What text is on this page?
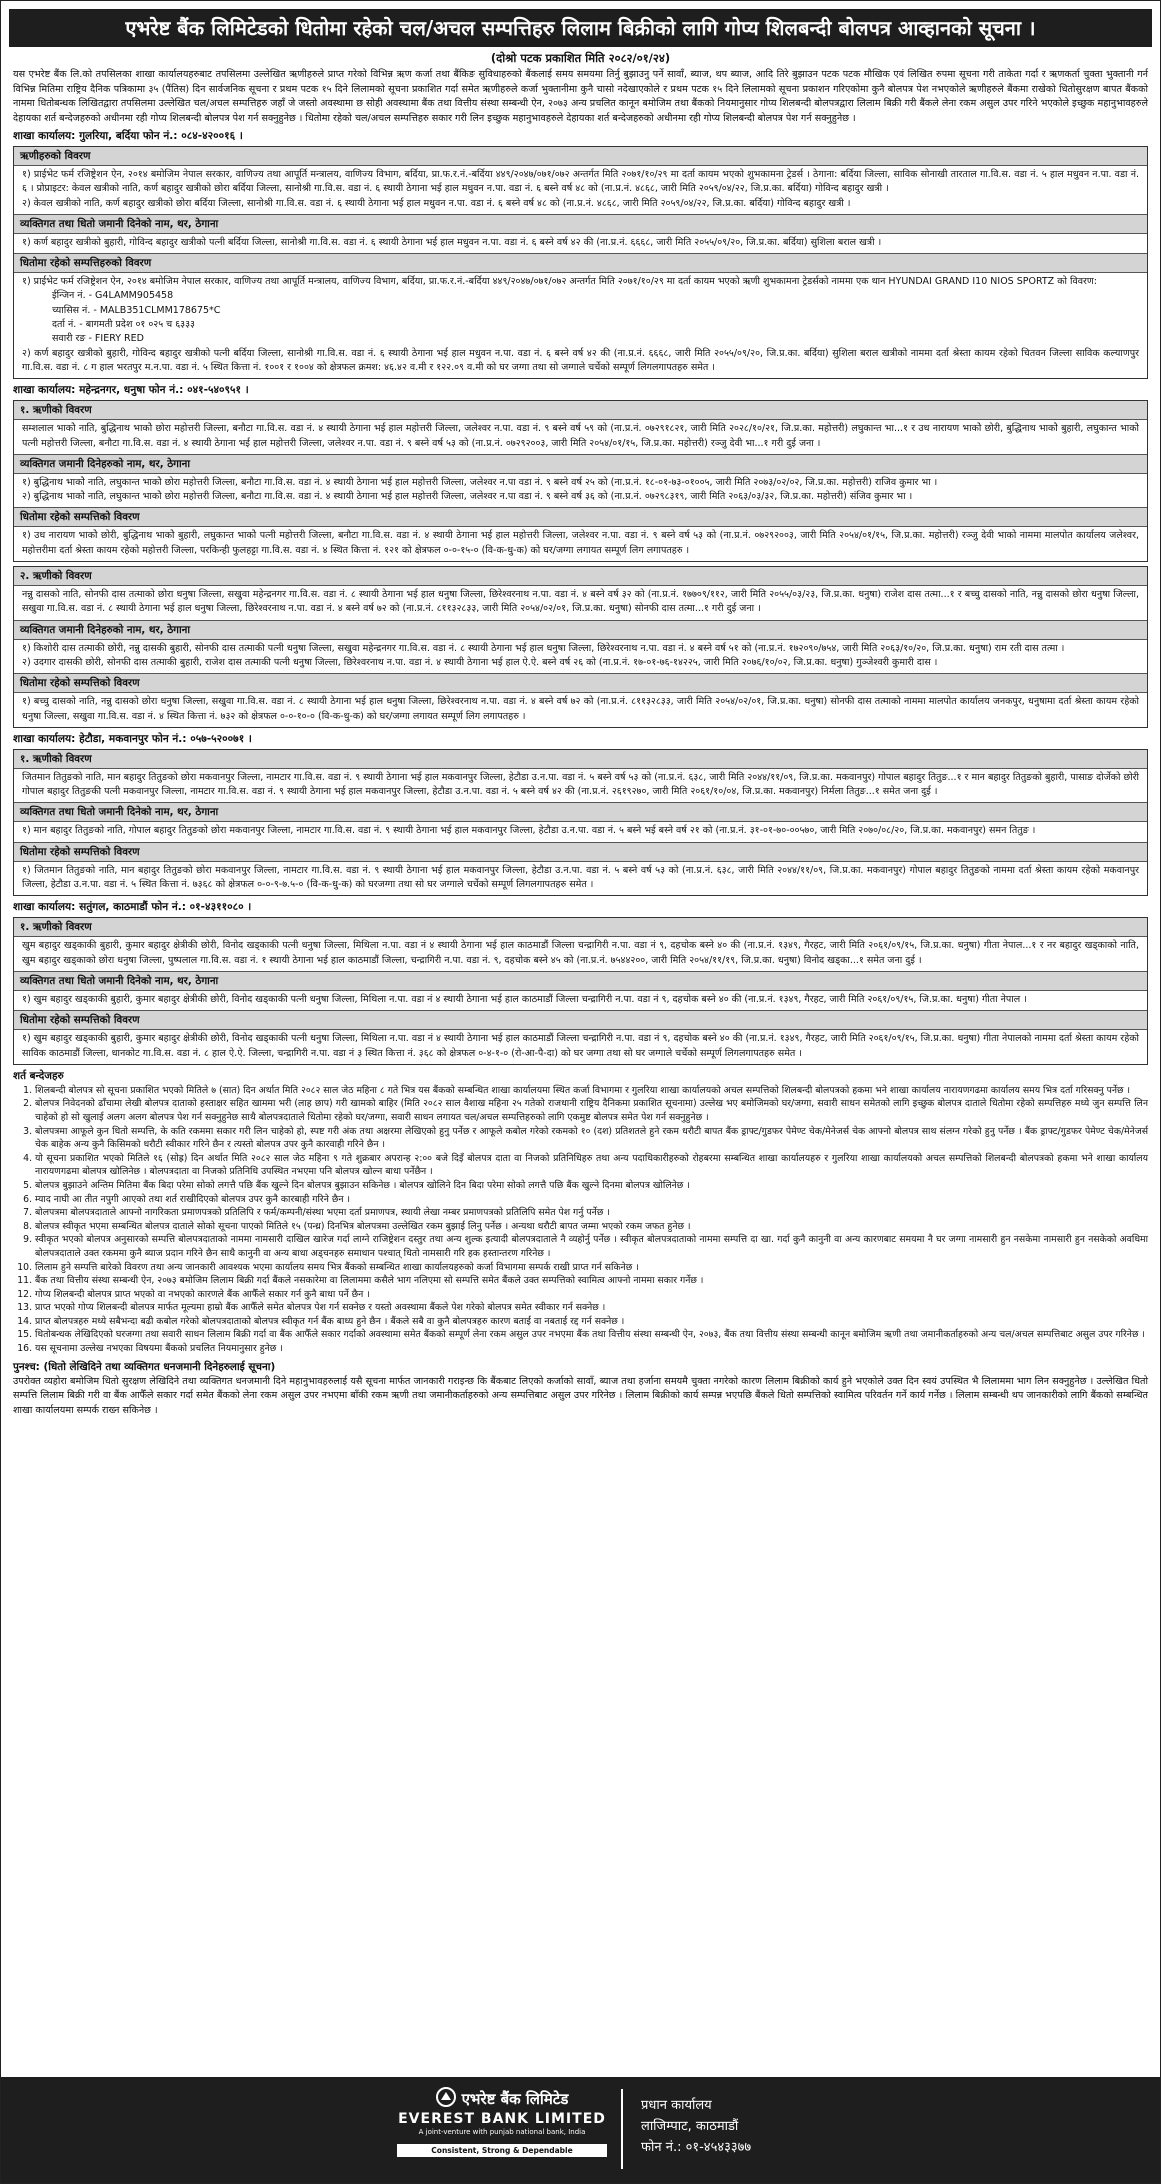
एभरेष्ट बैंक लिमिटेडको धितोमा रहेको चल/अचल सम्पत्तिहरु लिलाम बिक्रीको लागि गोप्य शिलबन्दी बोलपत्र आव्हानको सूचना ।
(दोश्रो पटक प्रकाशित मिति २०८२/०१/२४)
यस एभरेष्ट बैंक लि.को तपसिलका शाखा कार्यालयहरुबाट तपसिलमा उल्लेखित ऋणीहरुले प्राप्त गरेको विभिन्न ऋण कर्जा तथा बैंकिङ सुविधाहरुको बैंकलाई समय समयमा तिर्नु बुझाउनु पर्ने सावाँ, ब्याज, थप ब्याज, आदि तिरे बुझाउन पटक पटक मौखिक एवं लिखित रुपमा सूचना गरी ताकेता गर्दा र ऋणकर्ता चुक्ता भुक्तानी गर्न विभिन्न मितिमा राष्ट्रिय दैनिक पत्रिकामा ३५ (पैंतिस) दिन सार्वजनिक सूचना र प्रथम पटक १५ दिने लिलामको सूचना प्रकाशित गर्दा समेत ऋणीहरुले कर्जा भुक्तानीमा कुनै चासो नदेखाएकोले र प्रथम पटक १५ दिने लिलामको सूचना प्रकाशन गरिएकोमा कुनै बोलपत्र पेश नभएकोले ऋणीहरुले बैंकमा राखेको धितोसुरक्षण बापत बैंकको नाममा धितोबन्धक लिखितद्वारा तपसिलमा उल्लेखित चल/अचल सम्पत्तिहरु जहाँ जे जस्तो अवस्थामा छ सोही अवस्थामा बैंक तथा वित्तीय संस्था सम्बन्धी ऐन, २०७३ अन्य प्रचलित कानून बमोजिम तथा बैंकको नियमानुसार गोप्य शिलबन्दी बोलपत्रद्वारा लिलाम बिक्री गरी बैंकले लेना रकम असुल उपर गरिने भएकोले इच्छुक महानुभावहरुले देहायका शर्त बन्देजहरुको अधीनमा रही गोप्य शिलबन्दी बोलपत्र पेश गर्न सक्नुहुनेछ । धितोमा रहेको चल/अचल सम्पत्तिहरु सकार गरी लिन इच्छुक महानुभावहरुले देहायका शर्त बन्देजहरुको अधीनमा रही गोप्य शिलबन्दी बोलपत्र पेश गर्न सक्नुहुनेछ ।
शाखा कार्यालय: गुलरिया, बर्दिया फोन नं.: ०८४-४२००१६ ।
ऋणीहरुको विवरण
१) प्राईभेट फर्म रजिष्ट्रेशन ऐन, २०१४ बमोजिम नेपाल सरकार, वाणिज्य तथा आपूर्ति मन्त्रालय, वाणिज्य विभाग, बर्दिया, प्रा.फ.र.नं.-बर्दिया ४४९/२०४७/०७१/०७२ अन्तर्गत मिति २०७१/१०/२९ मा दर्ता कायम भएको शुभकामना ट्रेडर्स । ठेगाना: बर्दिया जिल्ला, साविक सोनाखी तारताल गा.वि.स. वडा नं. ५ हाल मधुवन न.पा. वडा नं. ६ । प्रोप्राइटर: केवल खत्रीको नाति, कर्ण बहादुर खत्रीको छोरा बर्दिया जिल्ला, सानोश्री गा.वि.स. वडा नं. ६ स्थायी ठेगाना भई हाल मधुवन न.पा. वडा नं. ६ बस्ने वर्ष ४८ को (ना.प्र.नं. ४८६८, जारी मिति २०५९/०४/२२, जि.प्र.का. बर्दिया) गोविन्द बहादुर खत्री ।
२) केवल खत्रीको नाति, कर्ण बहादुर खत्रीको छोरा बर्दिया जिल्ला, सानोश्री गा.वि.स. वडा नं. ६ स्थायी ठेगाना भई हाल मधुवन न.पा. वडा नं. ६ बस्ने वर्ष ४८ को (ना.प्र.नं. ४८६८, जारी मिति २०५९/०४/२२, जि.प्र.का. बर्दिया) गोविन्द बहादुर खत्री ।
व्यक्तिगत तथा धितो जमानी दिनेको नाम, थर, ठेगाना
१) कर्ण बहादुर खत्रीको बुहारी, गोविन्द बहादुर खत्रीको पत्नी बर्दिया जिल्ला, सानोश्री गा.वि.स. वडा नं. ६ स्थायी ठेगाना भई हाल मधुवन न.पा. वडा नं. ६ बस्ने वर्ष ४२ की (ना.प्र.नं. ६६६८, जारी मिति २०५५/०९/२०, जि.प्र.का. बर्दिया) सुशिला बराल खत्री ।
धितोमा रहेको सम्पत्तिहरुको विवरण
१) प्राईभेट फर्म रजिष्ट्रेशन ऐन, २०१४ बमोजिम नेपाल सरकार, वाणिज्य तथा आपूर्ति मन्त्रालय, वाणिज्य विभाग, बर्दिया, प्रा.फ.र.नं.-बर्दिया ४४९/२०४७/०७१/०७२ अन्तर्गत मिति २०७१/१०/२९ मा दर्ता कायम भएको ऋणी शुभकामना ट्रेडर्सको नाममा एक थान HYUNDAI GRAND I10 NIOS SPORTZ को विवरण:
ईन्जिन नं. - G4LAMM905458
च्यासिस नं. - MALB351CLMM178675*C
दर्ता नं. - बागमती प्रदेश ०१ ०२५ च ६३३३
सवारी रङ - FIERY RED
२) कर्ण बहादुर खत्रीको बुहारी, गोविन्द बहादुर खत्रीको पत्नी बर्दिया जिल्ला, सानोश्री गा.वि.स. वडा नं. ६ स्थायी ठेगाना भई हाल मधुवन न.पा. वडा नं. ६ बस्ने वर्ष ४२ की (ना.प्र.नं. ६६६८, जारी मिति २०५५/०९/२०, जि.प्र.का. बर्दिया) सुशिला बराल खत्रीको नाममा दर्ता श्रेस्ता कायम रहेको चितवन जिल्ला साविक कल्याणपुर गा.वि.स. वडा नं. ८ ग हाल भरतपुर म.न.पा. वडा नं. ५ स्थित कित्ता नं. १००१ र १००४ को क्षेत्रफल क्रमश: ४६.४२ व.मी र १२२.०९ व.मी को घर जग्गा तथा सो जग्गाले चर्चेको सम्पूर्ण लिगलगापतहरु समेत ।
शाखा कार्यालय: महेन्द्रनगर, धनुषा फोन नं.: ०४१-५४०९५१ ।
१. ऋणीको विवरण
सम्शलाल भाकोे नाति, बुद्धिनाथ भाकोे छोरा महोत्तरी जिल्ला, बनौटा गा.वि.स. वडा नं. ४ स्थायी ठेगाना भई हाल महोत्तरी जिल्ला, जलेश्वर न.पा. वडा नं. ९ बस्ने वर्ष ५९ को (ना.प्र.नं. ०७२९१८२१, जारी मिति २०२८/१०/२१, जि.प्र.का. महोत्तरी) लघुकान्त भा...१ र उध नारायण भाकोे छोरी, बुद्धिनाथ भाकोे बुहारी, लघुकान्त भाकोे पत्नी महोत्तरी जिल्ला, बनौटा गा.वि.स. वडा नं. ४ स्थायी ठेगाना भई हाल महोत्तरी जिल्ला, जलेश्वर न.पा. वडा नं. ९ बस्ने वर्ष ५३ को (ना.प्र.नं. ०७२९२००३, जारी मिति २०५४/०१/१५, जि.प्र.का. महोत्तरी) रञ्जु देवी भा...१ गरी दुई जना ।
व्यक्तिगत जमानी दिनेहरुको नाम, थर, ठेगाना
१) बुद्धिनाथ भाकोे नाति, लघुकान्त भाकोे छोरा महोत्तरी जिल्ला, बनौटा गा.वि.स. वडा नं. ४ स्थायी ठेगाना भई हाल महोत्तरी जिल्ला, जलेश्वर न.पा वडा नं. ९ बस्ने वर्ष २५ को (ना.प्र.नं. १८-०१-७३-०१००५, जारी मिति २०७३/०२/०२, जि.प्र.का. महोत्तरी) राजिव कुमार भा ।
२) बुद्धिनाथ भाकोे नाति, लघुकान्त भाकोे छोरा महोत्तरी जिल्ला, बनौटा गा.वि.स. वडा नं. ४ स्थायी ठेगाना भई हाल महोत्तरी जिल्ला, जलेश्वर न.पा वडा नं. ९ बस्ने वर्ष ३६ को (ना.प्र.नं. ०७२९८३१९, जारी मिति २०६३/०३/३२, जि.प्र.का. महोत्तरी) संजिव कुमार भा ।
धितोमा रहेको सम्पत्तिको विवरण
१) उध नारायण भाकोे छोरी, बुद्धिनाथ भाकोे बुहारी, लघुकान्त भाकोे पत्नी महोत्तरी जिल्ला, बनौटा गा.वि.स. वडा नं. ४ स्थायी ठेगाना भई हाल महोत्तरी जिल्ला, जलेश्वर न.पा. वडा नं. ९ बस्ने वर्ष ५३ को (ना.प्र.नं. ०७२९२००३, जारी मिति २०५४/०१/१५, जि.प्र.का. महोत्तरी) रञ्जु देवी भाको नाममा मालपोत कार्यालय जलेश्वर, महोत्तरीमा दर्ता श्रेस्ता कायम रहेको महोत्तरी जिल्ला, परकिन्ही फुलहट्टा गा.वि.स. वडा नं. ४ स्थित कित्ता नं. १२१ को क्षेत्रफल ०-०-१५-० (वि-क-धु-क) को घर/जग्गा लगायत सम्पूर्ण लिग लगापतहरु ।
२. ऋणीको विवरण
नन्नु दासको नाति, सोनफी दास तत्माको छोरा धनुषा जिल्ला, सखुवा महेन्द्रनगर गा.वि.स. वडा नं. ८ स्थायी ठेगाना भई हाल धनुषा जिल्ला, छिरेश्वरनाथ न.पा. वडा नं. ४ बस्ने वर्ष ३२ को (ना.प्र.नं. १७७०९/११२, जारी मिति २०५५/०३/२३, जि.प्र.का. धनुषा) राजेश दास तत्मा...१ र बच्चु दासको नाति, नन्नु दासको छोरा धनुषा जिल्ला, सखुवा गा.वि.स. वडा नं. ८ स्थायी ठेगाना भई हाल धनुषा जिल्ला, छिरेश्वरनाथ न.पा. वडा नं. ४ बस्ने वर्ष ७२ को (ना.प्र.नं. ८११३२८३३, जारी मिति २०५४/०२/०१, जि.प्र.का. धनुषा) सोनफी दास तत्मा...१ गरी दुई जना ।
व्यक्तिगत जमानी दिनेहरुको नाम, थर, ठेगाना
१) किशोरी दास तत्माकी छोरी, नन्नु दासकी बुहारी, सोनफी दास तत्माकी पत्नी धनुषा जिल्ला, सखुवा महेन्द्रनगर गा.वि.स. वडा नं. ८ स्थायी ठेगाना भई हाल धनुषा जिल्ला, छिरेश्वरनाथ न.पा. वडा नं. ४ बस्ने वर्ष ५१ को (ना.प्र.नं. १७२०९०/७५४, जारी मिति २०६३/१०/२०, जि.प्र.का. धनुषा) राम रती दास तत्मा ।
२) उदगार दासकी छोरी, सोनफी दास तत्माकी बुहारी, राजेश दास तत्माकी पत्नी धनुषा जिल्ला, छिरेश्वरनाथ न.पा. वडा नं. ४ स्थायी ठेगाना भई हाल ऐ.ऐ. बस्ने वर्ष २६ को (ना.प्र.नं. १७-०१-७६-१४२२५, जारी मिति २०७६/१०/०२, जि.प्र.का. धनुषा) गुञ्जेश्वरी कुमारी दास ।
धितोमा रहेको सम्पत्तिको विवरण
१) बच्चु दासको नाति, नन्नु दासको छोरा धनुषा जिल्ला, सखुवा गा.वि.स. वडा नं. ८ स्थायी ठेगाना भई हाल धनुषा जिल्ला, छिरेश्वरनाथ न.पा. वडा नं. ४ बस्ने वर्ष ७२ को (ना.प्र.नं. ८११३२८३३, जारी मिति २०५४/०२/०१, जि.प्र.का. धनुषा) सोनफी दास तत्माको नाममा मालपोत कार्यालय जनकपुर, धनुषामा दर्ता श्रेस्ता कायम रहेको धनुषा जिल्ला, सखुवा गा.वि.स. वडा नं. ४ स्थित कित्ता नं. ७३२ को क्षेत्रफल ०-०-१०-० (वि-क-धु-क) को घर/जग्गा लगायत सम्पूर्ण लिग लगापतहरु ।
शाखा कार्यालय: हेटौडा, मकवानपुर फोन नं.: ०५७-५२००७१ ।
१. ऋणीको विवरण
जितमान तितुङको नाति, मान बहादुर तितुङको छोरा मकवानपुर जिल्ला, नामटार गा.वि.स. वडा नं. ९ स्थायी ठेगाना भई हाल मकवानपुर जिल्ला, हेटौडा उ.न.पा. वडा नं. ५ बस्ने वर्ष ५३ को (ना.प्र.नं. ६३८, जारी मिति २०४४/११/०९, जि.प्र.का. मकवानपुर) गोपाल बहादुर तितुङ...१ र मान बहादुर तितुङको बुहारी, पासाङ दोर्जेको छोरी गोपाल बहादुर तितुङकी पत्नी मकवानपुर जिल्ला, नामटार गा.वि.स. वडा नं. ९ स्थायी ठेगाना भई हाल मकवानपुर जिल्ला, हेटौडा उ.न.पा. वडा नं. ५ बस्ने वर्ष ४२ की (ना.प्र.नं. २६१९२७०, जारी मिति २०६१/१०/०४, जि.प्र.का. मकवानपुर) निर्मला तितुङ...१ समेत जना दुई ।
व्यक्तिगत तथा धितो जमानी दिनेको नाम, थर, ठेगाना
१) मान बहादुर तितुङको नाति, गोपाल बहादुर तितुङको छोरा मकवानपुर जिल्ला, नामटार गा.वि.स. वडा नं. ९ स्थायी ठेगाना भई हाल मकवानपुर जिल्ला, हेटौडा उ.न.पा. वडा नं. ५ बस्ने भई बस्ने वर्ष २१ को (ना.प्र.नं. ३१-०१-७०-००५७०, जारी मिति २०७०/०८/२०, जि.प्र.का. मकवानपुर) समन तितुङ ।
धितोमा रहेको सम्पत्तिको विवरण
१) जितमान तितुङको नाति, मान बहादुर तितुङको छोरा मकवानपुर जिल्ला, नामटार गा.वि.स. वडा नं. ९ स्थायी ठेगाना भई हाल मकवानपुर जिल्ला, हेटौडा उ.न.पा. वडा नं. ५ बस्ने वर्ष ५३ को (ना.प्र.नं. ६३८, जारी मिति २०४४/११/०९, जि.प्र.का. मकवानपुर) गोपाल बहादुर तितुङको नाममा दर्ता श्रेस्ता कायम रहेको मकवानपुर जिल्ला, हेटौडा उ.न.पा. वडा नं. ५ स्थित कित्ता नं. ७३६८ को क्षेत्रफल ०-०-९-७.५-० (वि-क-धु-क) को घरजग्गा तथा सो घर जग्गाले चर्चेको सम्पूर्ण लिगलगापतहरु समेत ।
शाखा कार्यालय: सतुंगल, काठमाडौं फोन नं.: ०१-४३११०८० ।
१. ऋणीको विवरण
खुम बहादुर खड्काकी बुहारी, कुमार बहादुर क्षेत्रीकी छोरी, विनोद खड्काकी पत्नी धनुषा जिल्ला, मिथिला न.पा. वडा नं ४ स्थायी ठेगाना भई हाल काठमाडौं जिल्ला चन्द्रागिरी न.पा. वडा नं ९, दहचोक बस्ने ४० की (ना.प्र.नं. १३४९, गैरहट, जारी मिति २०६१/०९/१५, जि.प्र.का. धनुषा) गीता नेपाल...१ र नर बहादुर खड्काको नाति, खुम बहादुर खड्काको छोरा धनुषा जिल्ला, पुष्पलाल गा.वि.स. वडा नं. १ स्थायी ठेगाना भई हाल काठमाडौं जिल्ला, चन्द्रागिरी न.पा. वडा नं. ९, दहचोक बस्ने ४५ को (ना.प्र.नं. ७५४४२००, जारी मिति २०५४/११/१९, जि.प्र.का. धनुषा) विनोद खड्का...१ समेत जना दुई ।
व्यक्तिगत तथा धितो जमानी दिनेको नाम, थर, ठेगाना
१) खुम बहादुर खड्काकी बुहारी, कुमार बहादुर क्षेत्रीकी छोरी, विनोद खड्काकी पत्नी धनुषा जिल्ला, मिथिला न.पा. वडा नं ४ स्थायी ठेगाना भई हाल काठमाडौं जिल्ला चन्द्रागिरी न.पा. वडा नं ९, दहचोक बस्ने ४० की (ना.प्र.नं. १३४९, गैरहट, जारी मिति २०६१/०९/१५, जि.प्र.का. धनुषा) गीता नेपाल ।
धितोमा रहेको सम्पत्तिको विवरण
१) खुम बहादुर खड्काकी बुहारी, कुमार बहादुर क्षेत्रीकी छोरी, विनोद खड्काकी पत्नी धनुषा जिल्ला, मिथिला न.पा. वडा नं ४ स्थायी ठेगाना भई हाल काठमाडौं जिल्ला चन्द्रागिरी न.पा. वडा नं ९, दहचोक बस्ने ४० की (ना.प्र.नं. १३४९, गैरहट, जारी मिति २०६१/०९/१५, जि.प्र.का. धनुषा) गीता नेपालको नाममा दर्ता श्रेस्ता कायम रहेको साविक काठमाडौं जिल्ला, धानकोट गा.वि.स. वडा नं. ८ हाल ऐ.ऐ. जिल्ला, चन्द्रागिरी न.पा. वडा नं ३ स्थित कित्ता नं. ३६८ को क्षेत्रफल ०-४-१-० (रो-आ-पै-दा) को घर जग्गा तथा सो घर जग्गाले चर्चेको सम्पूर्ण लिगलगापतहरु समेत ।
शर्त बन्देजहरु
1. शिलबन्दी बोलपत्र सो सूचना प्रकाशित भएको मितिले ७ (सात) दिन अर्थात मिति २०८२ साल जेठ महिना ८ गते भित्र यस बैंकको सम्बन्धित शाखा कार्यालयमा स्थित कर्जा विभागमा र गुलरिया शाखा कार्यालयको अचल सम्पत्तिको शिलबन्दी बोलपत्रको हकमा भने शाखा कार्यालय नारायणगढमा कार्यालय समय भित्र दर्ता गरिसक्नु पर्नेछ ।
2. बोलपत्र निवेदनको ढाँचामा लेखी बोलपत्र दाताको हस्ताक्षर सहित खाममा भरी (लाह छाप) गरी खामको बाहिर (मिति २०८२ साल वैशाख महिना २५ गतेको राजधानी राष्ट्रिय दैनिकमा प्रकाशित सूचनामा) उल्लेख भए बमोजिमको घर/जग्गा, सवारी साधन समेतको लागि इच्छुक बोलपत्र दाताले धितोमा रहेको सम्पत्तिहरु मध्ये जुन सम्पत्ति लिन चाहेको हो सो खुलाई अलग अलग बोलपत्र पेश गर्न सक्नुहुनेछ साथै बोलपत्रदाताले धितोमा रहेको घर/जग्गा, सवारी साधन लगायत चल/अचल सम्पत्तिहरुको लागि एकमुष्ट बोलपत्र समेत पेश गर्न सक्नुहुनेछ ।
3. बोलपत्रमा आफूले कुन धितो सम्पत्ति, के कति रकममा सकार गरी लिन चाहेको हो, स्पष्ट गरी अंक तथा अक्षरमा लेखिएको हुनु पर्नेछ र आफूले कबोल गरेको रकमको १० (दश) प्रतिशतले हुने रकम धरौटी बापत बैंक ड्राफ्ट/गुडफर पेमेण्ट चेक/मेनेजर्स चेक आफ्नो बोलपत्र साथ संलग्न गरेको हुनु पर्नेछ । बैंक ड्राफ्ट/गुडफर पेमेण्ट चेक/मेनेजर्स चेक बाहेक अन्य कुनै किसिमको धरौटी स्वीकार गरिने छैन र त्यस्तो बोलपत्र उपर कुनै कारवाही गरिने छैन ।
4. यो सूचना प्रकाशित भएको मितिले १६ (सोह्र) दिन अर्थात मिति २०८२ साल जेठ महिना ९ गते शुक्रबार अपरान्ह २:०० बजे दिइँ बोलपत्र दाता वा निजको प्रतिनिधिहरु तथा अन्य पदाधिकारीहरुको रोहबरमा सम्बन्धित शाखा कार्यालयहरु र गुलरिया शाखा कार्यालयको अचल सम्पत्तिको शिलबन्दी बोलपत्रको हकमा भने शाखा कार्यालय नारायणगढमा बोलपत्र खोलिनेछ । बोलपत्रदाता वा निजको प्रतिनिधि उपस्थित नभएमा पनि बोलपत्र खोल्न बाधा पर्नेछैन ।
5. बोलपत्र बुझाउने अन्तिम मितिमा बैंक बिदा परेमा सोको लगत्तै पछि बैंक खुल्ने दिन बोलपत्र बुझाउन सकिनेछ । बोलपत्र खोलिने दिन बिदा परेमा सोको लगत्तै पछि बैंक खुल्ने दिनमा बोलपत्र खोलिनेछ ।
6. म्याद नाघी आ तीत नपुगी आएको तथा शर्त राखीदिएको बोलपत्र उपर कुनै कारबाही गरिने छैन ।
7. बोलपत्रमा बोलपत्रदाताले आफ्नो नागरिकता प्रमाणपत्रको प्रतिलिपि र फर्म/कम्पनी/संस्था भएमा दर्ता प्रमाणपत्र, स्थायी लेखा नम्बर प्रमाणपत्रको प्रतिलिपि समेत पेश गर्नु पर्नेछ ।
8. बोलपत्र स्वीकृत भएमा सम्बन्धित बोलपत्र दाताले सोको सूचना पाएको मितिले १५ (पन्ध्र) दिनभित्र बोलपत्रमा उल्लेखित रकम बुझाई लिनु पर्नेछ । अन्यथा धरौटी बापत जम्मा भएको रकम जफत हुनेछ ।
9. स्वीकृत भएको बोलपत्र अनुसारको सम्पत्ति बोलपत्रदाताको नाममा नामसारी दाखिल खारेज गर्दा लाग्ने राजिष्ट्रेशन दस्तुर तथा अन्य शुल्क इत्यादी बोलपत्रदाताले नै व्यहोर्नु पर्नेछ । स्वीकृत बोलपत्रदाताको नाममा सम्पत्ति दा खा. गर्दा कुनै कानुनी वा अन्य कारणबाट समयमा नै घर जग्गा नामसारी हुन नसकेमा नामसारी हुन नसकेको अवधिमा बोलपत्रदाताले उक्त रकममा कुनै ब्याज प्रदान गरिने छैन साथै कानुनी वा अन्य बाधा अड्चनहरु समाधान पश्चात् धितो नामसारी गरि हक हस्तान्तरण गरिनेछ ।
10. लिलाम हुने सम्पत्ति बारेको विवरण तथा अन्य जानकारी आवश्यक भएमा कार्यालय समय भित्र बैंकको सम्बन्धित शाखा कार्यालयहरुको कर्जा विभागमा सम्पर्क राखी प्राप्त गर्न सकिनेछ ।
11. बैंक तथा वित्तीय संस्था सम्बन्धी ऐन, २०७३ बमोजिम लिलाम बिक्री गर्दा बैंकले नसकारेमा वा लिलाममा कसैले भाग नलिएमा सो सम्पत्ति समेत बैंकले उक्त सम्पत्तिको स्वामित्व आफ्नो नाममा सकार गर्नेछ ।
12. गोप्य शिलबन्दी बोलपत्र प्राप्त भएको वा नभएको कारणले बैंक आफैँले सकार गर्न कुनै बाधा पर्ने छैन ।
13. प्राप्त भएको गोप्य शिलबन्दी बोलपत्र मार्फत मूल्यमा हाम्रो बैंक आफैँले समेत बोलपत्र पेश गर्न सक्नेछ र यस्तो अवस्थामा बैंकले पेश गरेको बोलपत्र समेत स्वीकार गर्न सक्नेछ ।
14. प्राप्त बोलपत्रहरु मध्ये सबैभन्दा बढी कबोल गरेको बोलपत्रदाताको बोलपत्र स्वीकृत गर्न बैंक बाध्य हुने छैन । बैंकले सबै वा कुनै बोलपत्रहरु कारण बताई वा नबताई रद्द गर्न सक्नेछ ।
15. धितोबन्धक लेखिदिएको घरजग्गा तथा सवारी साधन लिलाम बिक्री गर्दा वा बैंक आफैँले सकार गर्दाको अवस्थामा समेत बैंकको सम्पूर्ण लेना रकम असुल उपर नभएमा बैंक तथा वित्तीय संस्था सम्बन्धी ऐन, २०७३, बैंक तथा वित्तीय संस्था सम्बन्धी कानून बमोजिम ऋणी तथा जमानीकर्ताहरुको अन्य चल/अचल सम्पत्तिबाट असुल उपर गरिनेछ ।
16. यस सूचनामा उल्लेख नभएका विषयमा बैंकको प्रचलित नियमानुसार हुनेछ ।
पुनश्च: (धितो लेखिदिने तथा व्यक्तिगत धनजमानी दिनेहरुलाई सूचना)
उपरोक्त व्यहोरा बमोजिम धितो सुरक्षण लेखिदिने तथा व्यक्तिगत धनजमानी दिने महानुभावहरुलाई यसै सूचना मार्फत जानकारी गराइन्छ कि बैंकबाट लिएको कर्जाको सावाँ, ब्याज तथा हर्जाना समयमै चुक्ता नगरेको कारण लिलाम बिक्रीको कार्य हुने भएकोले उक्त दिन स्वयं उपस्थित भै लिलाममा भाग लिन सक्नुहुनेछ । उल्लेखित धितो सम्पत्ति लिलाम बिक्री गरी वा बैंक आफैँले सकार गर्दा समेत बैंकको लेना रकम असुल उपर नभएमा बाँकी रकम ऋणी तथा जमानीकर्ताहरुको अन्य सम्पत्तिबाट असुल उपर गरिनेछ । लिलाम बिक्रीको कार्य सम्पन्न भएपछि बैंकले धितो सम्पत्तिको स्वामित्व परिवर्तन गर्ने कार्य गर्नेछ । लिलाम सम्बन्धी थप जानकारीको लागि बैंकको सम्बन्धित शाखा कार्यालयमा सम्पर्क राख्न सकिनेछ ।
एभरेष्ट बैंक लिमिटेड
EVEREST BANK LIMITED
A joint-venture with punjab national bank, India
Consistent, Strong & Dependable
प्रधान कार्यालय
लाजिम्पाट, काठमाडौं
फोन नं.: ०१-४५४३३७७
